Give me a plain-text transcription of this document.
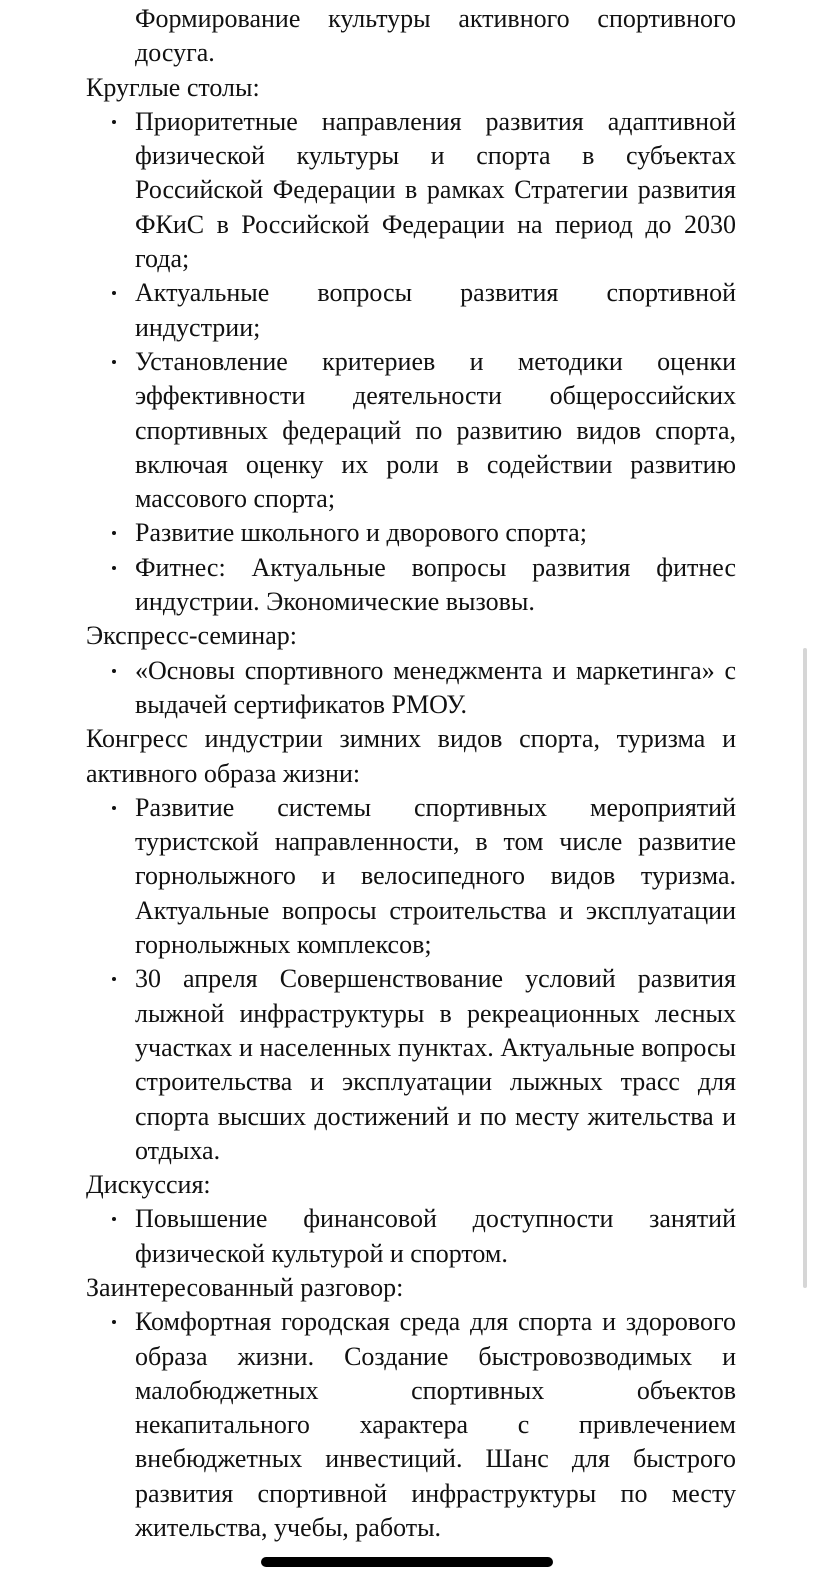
Формирование культуры активного спортивного досуга.

Круглые столы:

Приоритетные направления развития адаптивной физической культуры и спорта в субъектах Российской Федерации в рамках Стратегии развития ФКиС в Российской Федерации на период до 2030 года;
Актуальные вопросы развития спортивной индустрии;
Установление критериев и методики оценки эффективности деятельности общероссийских спортивных федераций по развитию видов спорта, включая оценку их роли в содействии развитию массового спорта;
Развитие школьного и дворового спорта;
Фитнес: Актуальные вопросы развития фитнес индустрии. Экономические вызовы.

Экспресс-семинар:

«Основы спортивного менеджмента и маркетинга» с выдачей сертификатов РМОУ.

Конгресс индустрии зимних видов спорта, туризма и активного образа жизни:

Развитие системы спортивных мероприятий туристской направленности, в том числе развитие горнолыжного и велосипедного видов туризма. Актуальные вопросы строительства и эксплуатации горнолыжных комплексов;
30 апреля Совершенствование условий развития лыжной инфраструктуры в рекреационных лесных участках и населенных пунктах. Актуальные вопросы строительства и эксплуатации лыжных трасс для спорта высших достижений и по месту жительства и отдыха.

Дискуссия:

Повышение финансовой доступности занятий физической культурой и спортом.

Заинтересованный разговор:

Комфортная городская среда для спорта и здорового образа жизни. Создание быстровозводимых и малобюджетных спортивных объектов некапитального характера с привлечением внебюджетных инвестиций. Шанс для быстрого развития спортивной инфраструктуры по месту жительства, учебы, работы.
